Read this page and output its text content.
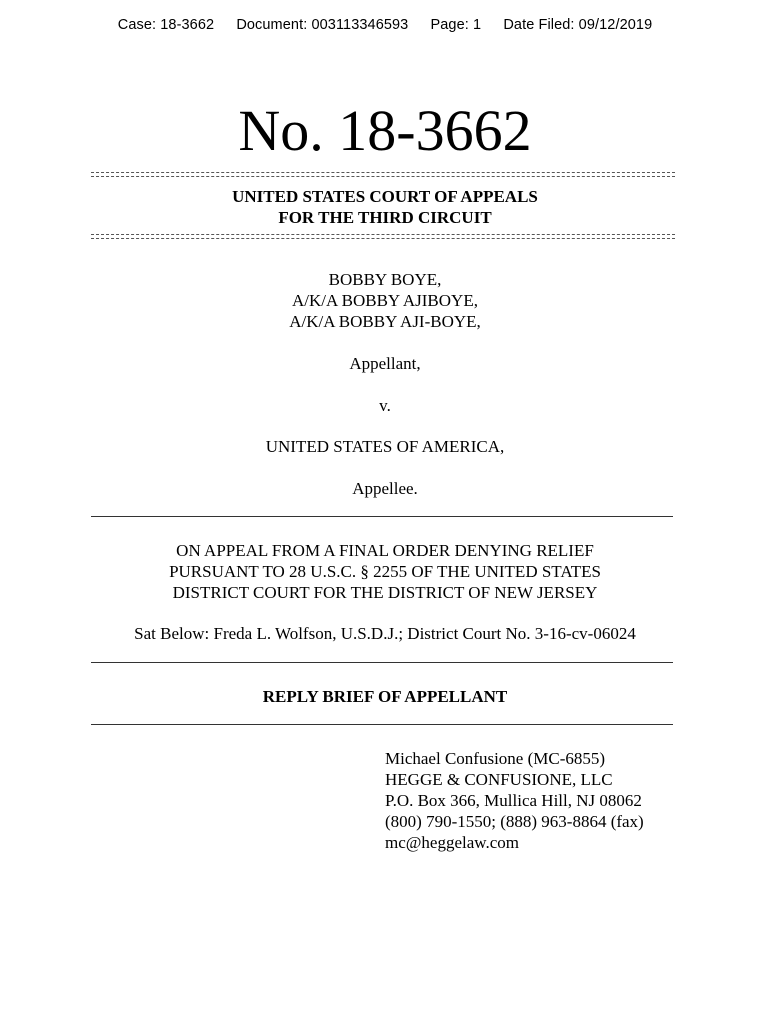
Case: 18-3662 Document: 003113346593 Page: 1 Date Filed: 09/12/2019
No. 18-3662
UNITED STATES COURT OF APPEALS
FOR THE THIRD CIRCUIT
BOBBY BOYE,
A/K/A BOBBY AJIBOYE,
A/K/A BOBBY AJI-BOYE,
Appellant,
v.
UNITED STATES OF AMERICA,
Appellee.
ON APPEAL FROM A FINAL ORDER DENYING RELIEF
PURSUANT TO 28 U.S.C. § 2255 OF THE UNITED STATES
DISTRICT COURT FOR THE DISTRICT OF NEW JERSEY
Sat Below: Freda L. Wolfson, U.S.D.J.; District Court No. 3-16-cv-06024
REPLY BRIEF OF APPELLANT
Michael Confusione (MC-6855)
HEGGE & CONFUSIONE, LLC
P.O. Box 366, Mullica Hill, NJ 08062
(800) 790-1550; (888) 963-8864 (fax)
mc@heggelaw.com
